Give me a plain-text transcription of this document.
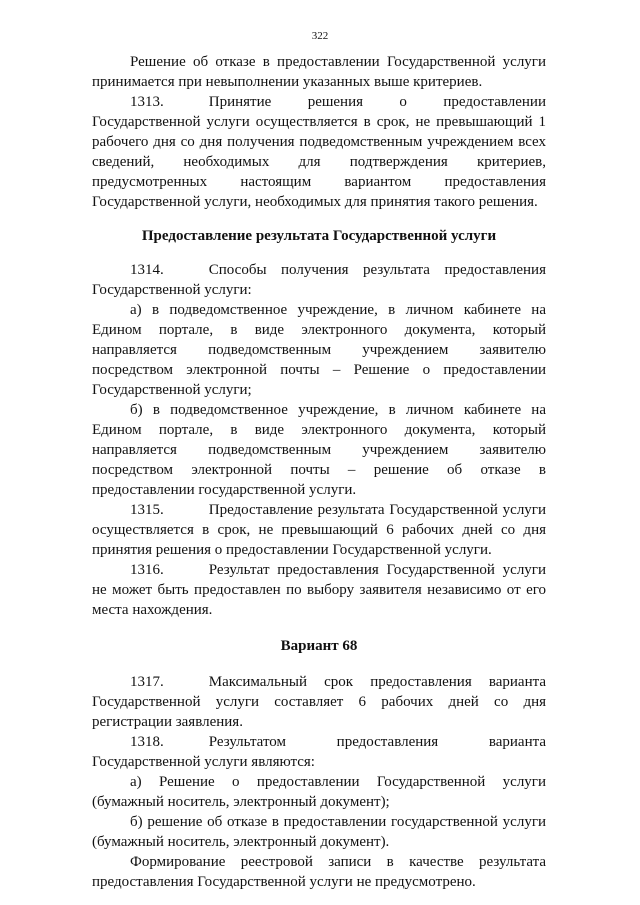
322

Решение об отказе в предоставлении Государственной услуги принимается при невыполнении указанных выше критериев.

1313.   Принятие решения о предоставлении Государственной услуги осуществляется в срок, не превышающий 1 рабочего дня со дня получения подведомственным учреждением всех сведений, необходимых для подтверждения критериев, предусмотренных настоящим вариантом предоставления Государственной услуги, необходимых для принятия такого решения.

Предоставление результата Государственной услуги

1314.   Способы получения результата предоставления Государственной услуги:

а) в подведомственное учреждение, в личном кабинете на Едином портале, в виде электронного документа, который направляется подведомственным учреждением заявителю посредством электронной почты – Решение о предоставлении Государственной услуги;

б) в подведомственное учреждение, в личном кабинете на Едином портале, в виде электронного документа, который направляется подведомственным учреждением заявителю посредством электронной почты – решение об отказе в предоставлении государственной услуги.

1315.   Предоставление результата Государственной услуги осуществляется в срок, не превышающий 6 рабочих дней со дня принятия решения о предоставлении Государственной услуги.

1316.   Результат предоставления Государственной услуги не может быть предоставлен по выбору заявителя независимо от его места нахождения.

Вариант 68

1317.   Максимальный срок предоставления варианта Государственной услуги составляет 6 рабочих дней со дня регистрации заявления.

1318.   Результатом предоставления варианта Государственной услуги являются:

а) Решение о предоставлении Государственной услуги (бумажный носитель, электронный документ);

б) решение об отказе в предоставлении государственной услуги (бумажный носитель, электронный документ).

Формирование реестровой записи в качестве результата предоставления Государственной услуги не предусмотрено.
